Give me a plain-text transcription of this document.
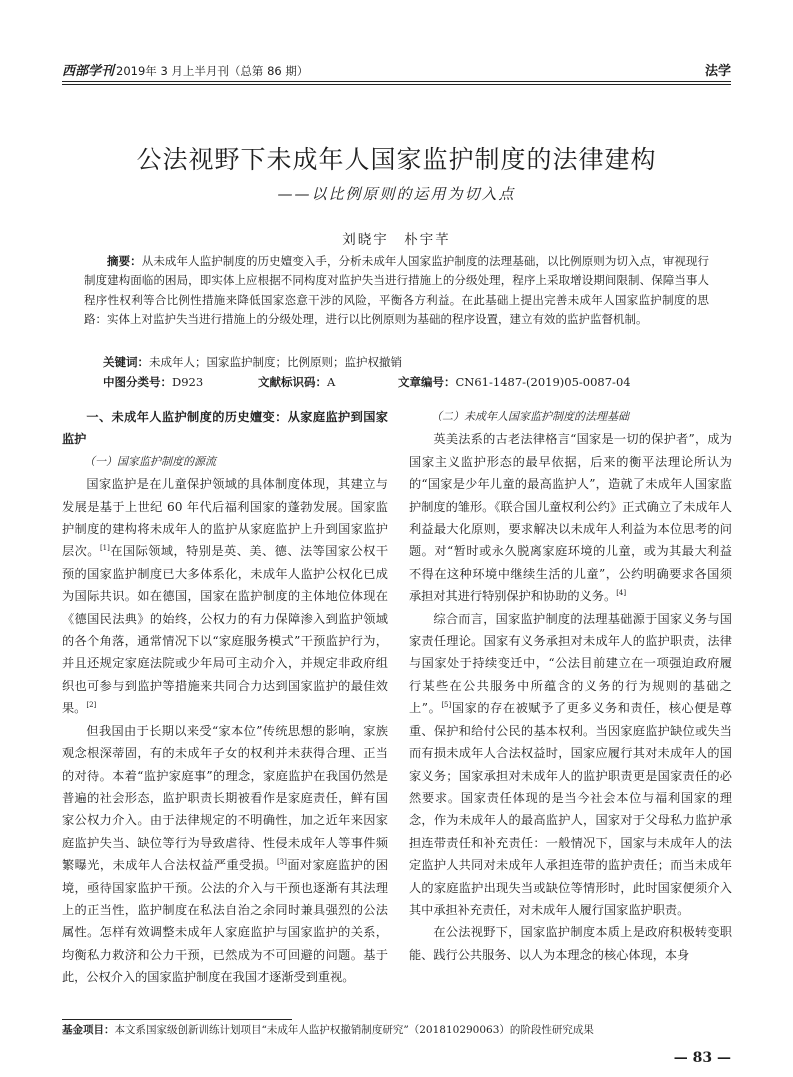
西部学刊 2019年 3 月上半月刊（总第 86 期）	法学
公法视野下未成年人国家监护制度的法律建构
——以比例原则的运用为切入点
刘晓宇　朴宇芊
摘要：从未成年人监护制度的历史嬗变入手，分析未成年人国家监护制度的法理基础，以比例原则为切入点，审视现行制度建构面临的困局，即实体上应根据不同构度对监护失当进行措施上的分级处理，程序上采取增设期间限制、保障当事人程序性权利等合比例性措施来降低国家恣意干涉的风险，平衡各方利益。在此基础上提出完善未成年人国家监护制度的思路：实体上对监护失当进行措施上的分级处理，进行以比例原则为基础的程序设置，建立有效的监护监督机制。
关键词：未成年人；国家监护制度；比例原则；监护权撤销
中图分类号：D923	文献标识码：A	文章编号：CN61-1487-(2019)05-0087-04

一、未成年人监护制度的历史嬗变：从家庭监护到国家监护

（一）国家监护制度的源流

国家监护是在儿童保护领域的具体制度体现，其建立与发展是基于上世纪 60 年代后福利国家的蓬勃发展。国家监护制度的建构将未成年人的监护从家庭监护上升到国家监护层次。[1]在国际领域，特别是英、美、德、法等国家公权干预的国家监护制度已大多体系化，未成年人监护公权化已成为国际共识。如在德国，国家在监护制度的主体地位体现在《德国民法典》的始终，公权力的有力保障渗入到监护领域的各个角落，通常情况下以“家庭服务模式”干预监护行为，并且还规定家庭法院或少年局可主动介入，并规定非政府组织也可参与到监护等措施来共同合力达到国家监护的最佳效果。[2]

但我国由于长期以来受“家本位”传统思想的影响，家族观念根深蒂固，有的未成年子女的权利并未获得合理、正当的对待。本着“监护家庭事”的理念，家庭监护在我国仍然是普遍的社会形态，监护职责长期被看作是家庭责任，鲜有国家公权力介入。由于法律规定的不明确性，加之近年来因家庭监护失当、缺位等行为导致虐待、性侵未成年人等事件频繁曝光，未成年人合法权益严重受损。[3]面对家庭监护的困境，亟待国家监护干预。公法的介入与干预也逐渐有其法理上的正当性，监护制度在私法自治之余同时兼具强烈的公法属性。怎样有效调整未成年人家庭监护与国家监护的关系，均衡私力救济和公力干预，已然成为不可回避的问题。基于此，公权介入的国家监护制度在我国才逐渐受到重视。

（二）未成年人国家监护制度的法理基础

英美法系的古老法律格言“国家是一切的保护者”，成为国家主义监护形态的最早依据，后来的衡平法理论所认为的“国家是少年儿童的最高监护人”，造就了未成年人国家监护制度的雏形。《联合国儿童权利公约》正式确立了未成年人利益最大化原则，要求解决以未成年人利益为本位思考的问题。对“暂时或永久脱离家庭环境的儿童，或为其最大利益不得在这种环境中继续生活的儿童”，公约明确要求各国须承担对其进行特别保护和协助的义务。[4]

综合而言，国家监护制度的法理基础源于国家义务与国家责任理论。国家有义务承担对未成年人的监护职责，法律与国家处于持续变迁中，“公法目前建立在一项强迫政府履行某些在公共服务中所蕴含的义务的行为规则的基础之上”。[5]国家的存在被赋予了更多义务和责任，核心便是尊重、保护和给付公民的基本权利。当因家庭监护缺位或失当而有损未成年人合法权益时，国家应履行其对未成年人的国家义务；国家承担对未成年人的监护职责更是国家责任的必然要求。国家责任体现的是当今社会本位与福利国家的理念，作为未成年人的最高监护人，国家对于父母私力监护承担连带责任和补充责任：一般情况下，国家与未成年人的法定监护人共同对未成年人承担连带的监护责任；而当未成年人的家庭监护出现失当或缺位等情形时，此时国家便须介入其中承担补充责任，对未成年人履行国家监护职责。

在公法视野下，国家监护制度本质上是政府积极转变职能、践行公共服务、以人为本理念的核心体现，本身

基金项目：本文系国家级创新训练计划项目“未成年人监护权撤销制度研究”（201810290063）的阶段性研究成果
— 83 —
